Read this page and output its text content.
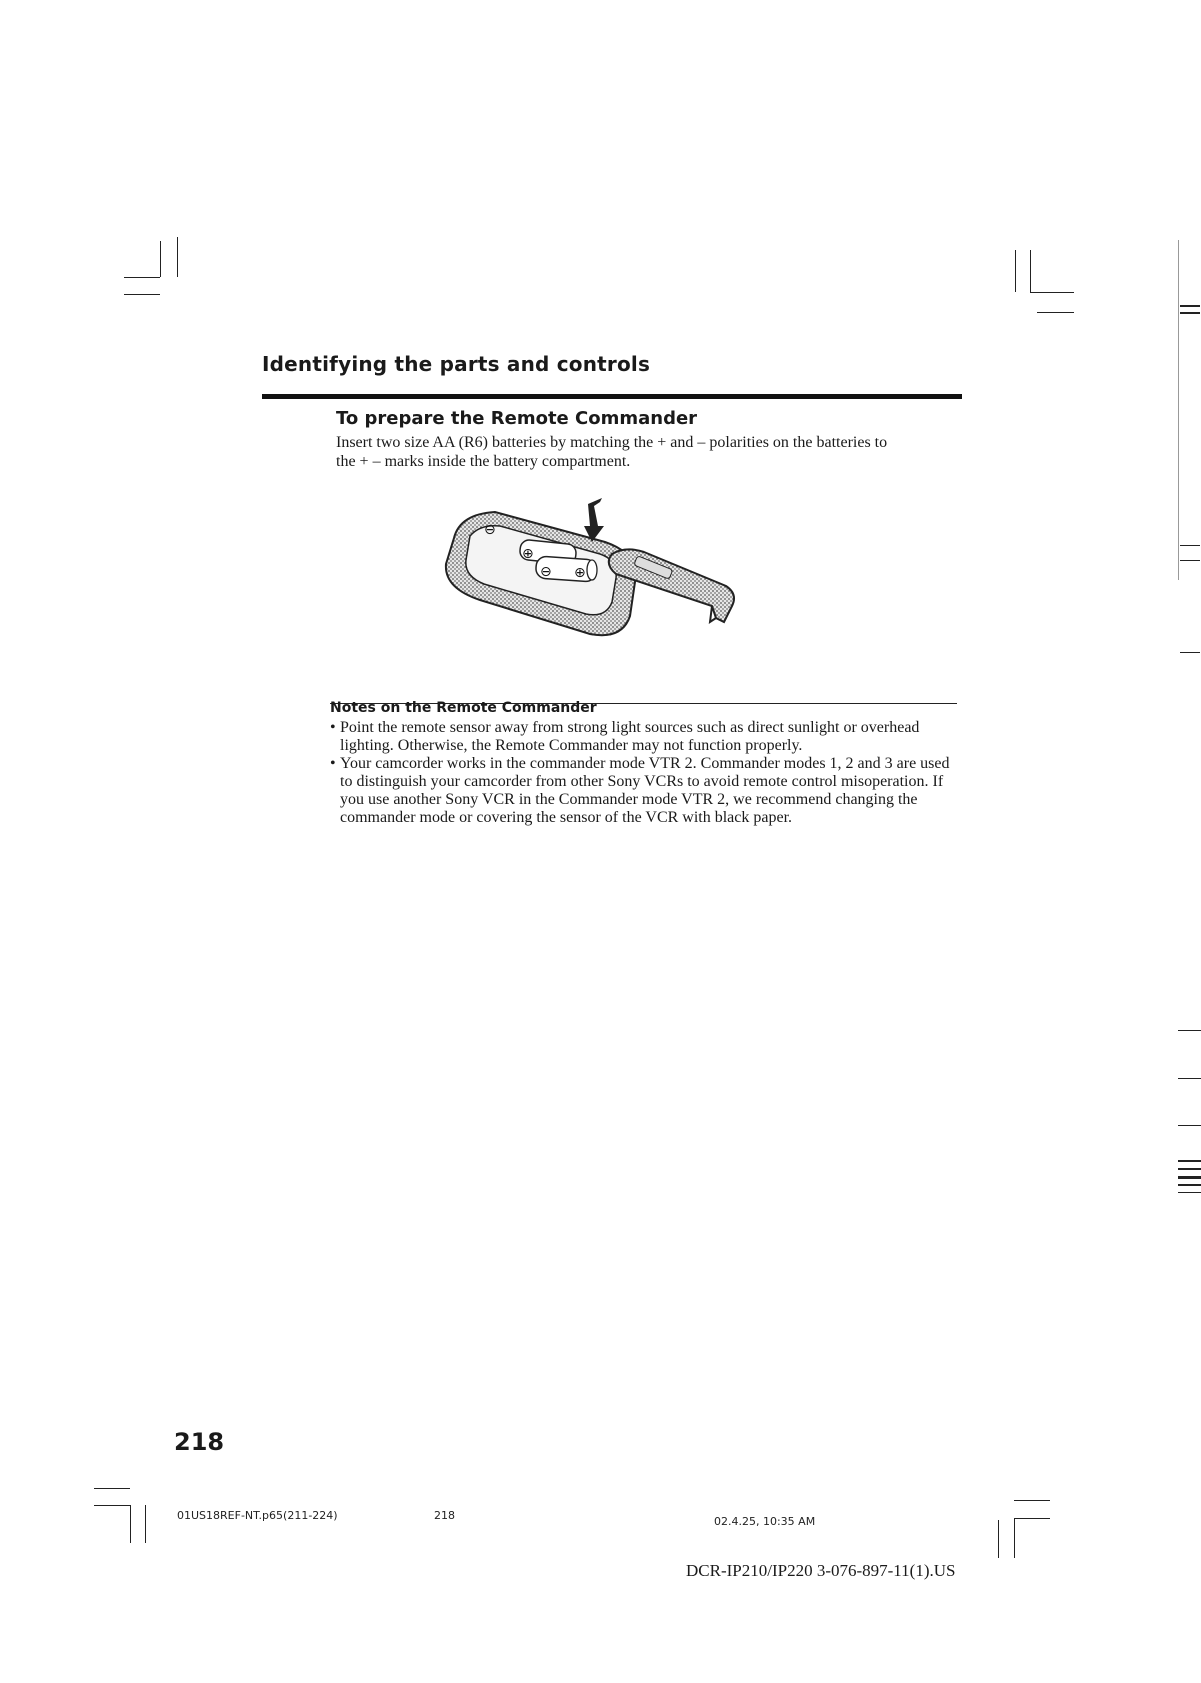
Identifying the parts and controls
To prepare the Remote Commander

Insert two size AA (R6) batteries by matching the + and – polarities on the batteries to
the + – marks inside the battery compartment.

⊖
⊕
⊖ ⊕
Notes on the Remote Commander
• Point the remote sensor away from strong light sources such as direct sunlight or overhead lighting. Otherwise, the Remote Commander may not function properly.
• Your camcorder works in the commander mode VTR 2. Commander modes 1, 2 and 3 are used to distinguish your camcorder from other Sony VCRs to avoid remote control misoperation. If you use another Sony VCR in the Commander mode VTR 2, we recommend changing the commander mode or covering the sensor of the VCR with black paper.
218
01US18REF-NT.p65(211-224)	218	02.4.25, 10:35 AM
DCR-IP210/IP220 3-076-897-11(1).US
